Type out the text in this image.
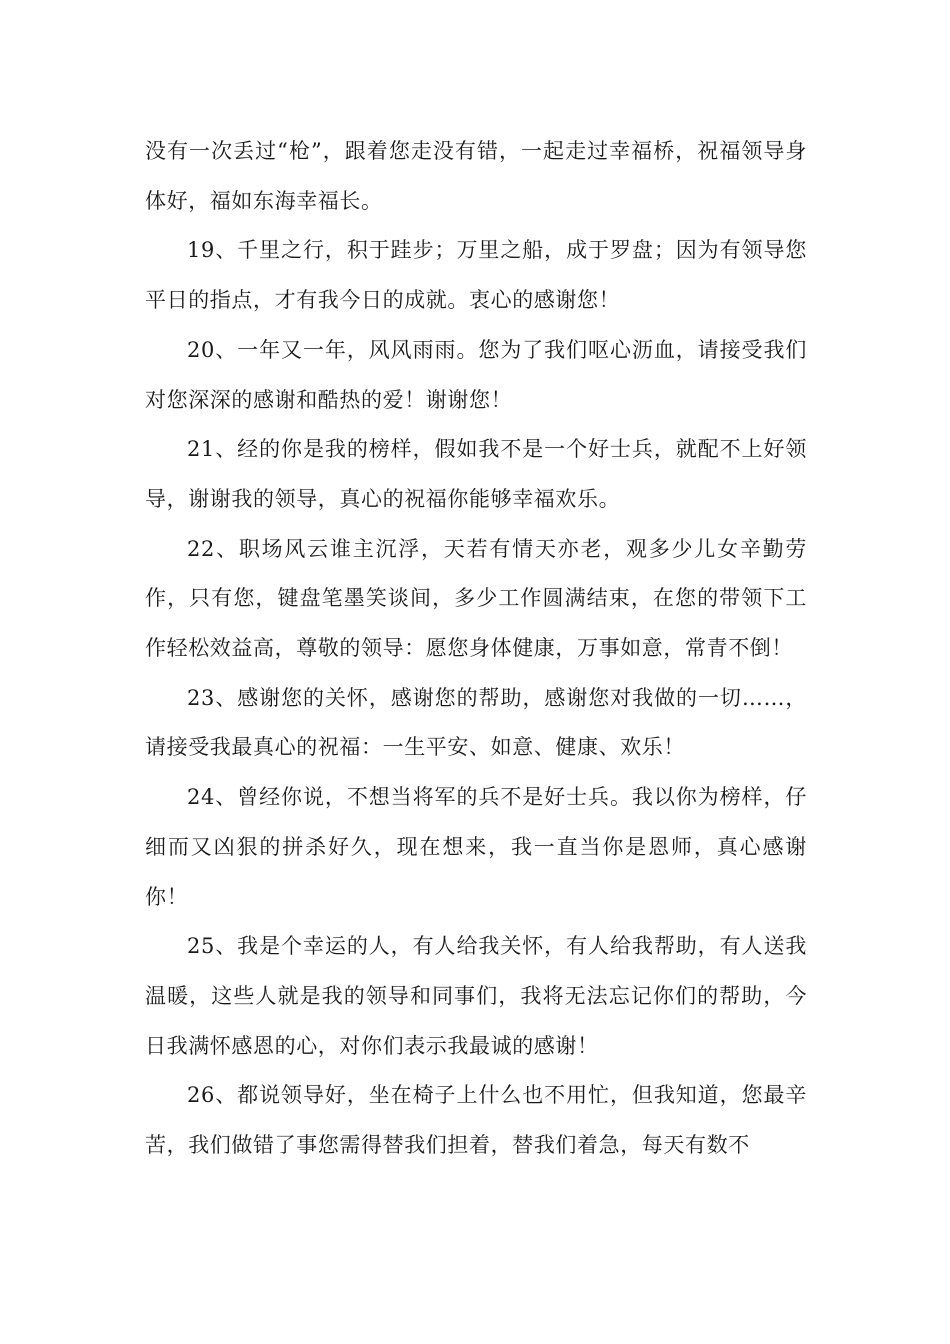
没有一次丢过“枪”，跟着您走没有错，一起走过幸福桥，祝福领导身体好，福如东海幸福长。

19、千里之行，积于跬步；万里之船，成于罗盘；因为有领导您平日的指点，才有我今日的成就。衷心的感谢您！

20、一年又一年，风风雨雨。您为了我们呕心沥血，请接受我们对您深深的感谢和酷热的爱！谢谢您！

21、经的你是我的榜样，假如我不是一个好士兵，就配不上好领导，谢谢我的领导，真心的祝福你能够幸福欢乐。

22、职场风云谁主沉浮，天若有情天亦老，观多少儿女辛勤劳作，只有您，键盘笔墨笑谈间，多少工作圆满结束，在您的带领下工作轻松效益高，尊敬的领导：愿您身体健康，万事如意，常青不倒！

23、感谢您的关怀，感谢您的帮助，感谢您对我做的一切……，请接受我最真心的祝福：一生平安、如意、健康、欢乐！

24、曾经你说，不想当将军的兵不是好士兵。我以你为榜样，仔细而又凶狠的拼杀好久，现在想来，我一直当你是恩师，真心感谢你！

25、我是个幸运的人，有人给我关怀，有人给我帮助，有人送我温暖，这些人就是我的领导和同事们，我将无法忘记你们的帮助，今日我满怀感恩的心，对你们表示我最诚的感谢！

26、都说领导好，坐在椅子上什么也不用忙，但我知道，您最辛苦，我们做错了事您需得替我们担着，替我们着急，每天有数不
